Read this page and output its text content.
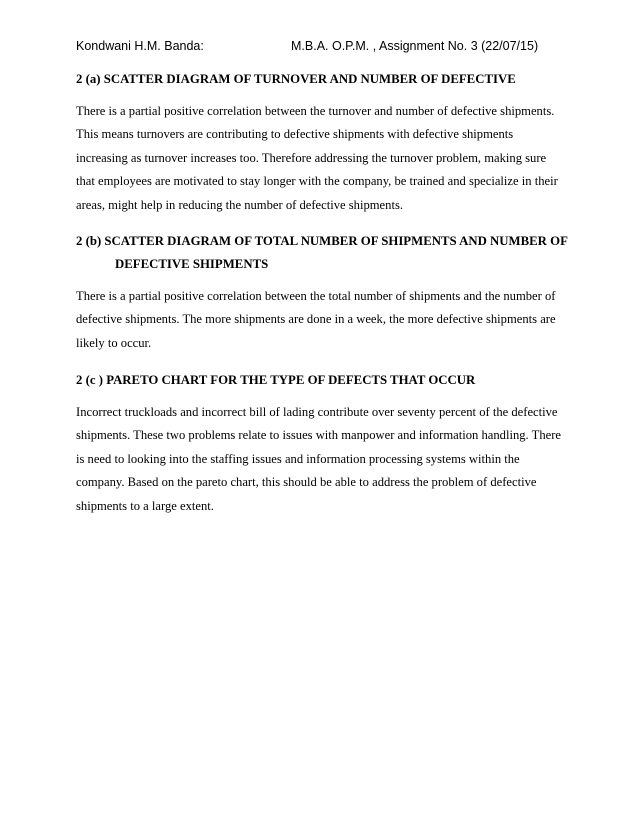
Kondwani H.M. Banda:	M.B.A. O.P.M. , Assignment No. 3 (22/07/15)
2 (a) SCATTER DIAGRAM OF TURNOVER AND NUMBER OF DEFECTIVE

There is a partial positive correlation between the turnover and number of defective shipments.
This means turnovers are contributing to defective shipments with defective shipments
increasing as turnover increases too. Therefore addressing the turnover problem, making sure
that employees are motivated to stay longer with the company, be trained and specialize in their
areas, might help in reducing the number of defective shipments.

2 (b) SCATTER DIAGRAM OF TOTAL NUMBER OF SHIPMENTS AND NUMBER OF
DEFECTIVE SHIPMENTS

There is a partial positive correlation between the total number of shipments and the number of
defective shipments. The more shipments are done in a week, the more defective shipments are
likely to occur.

2 (c ) PARETO CHART FOR THE TYPE OF DEFECTS THAT OCCUR

Incorrect truckloads and incorrect bill of lading contribute over seventy percent of the defective
shipments. These two problems relate to issues with manpower and information handling. There
is need to looking into the staffing issues and information processing systems within the
company. Based on the pareto chart, this should be able to address the problem of defective
shipments to a large extent.
